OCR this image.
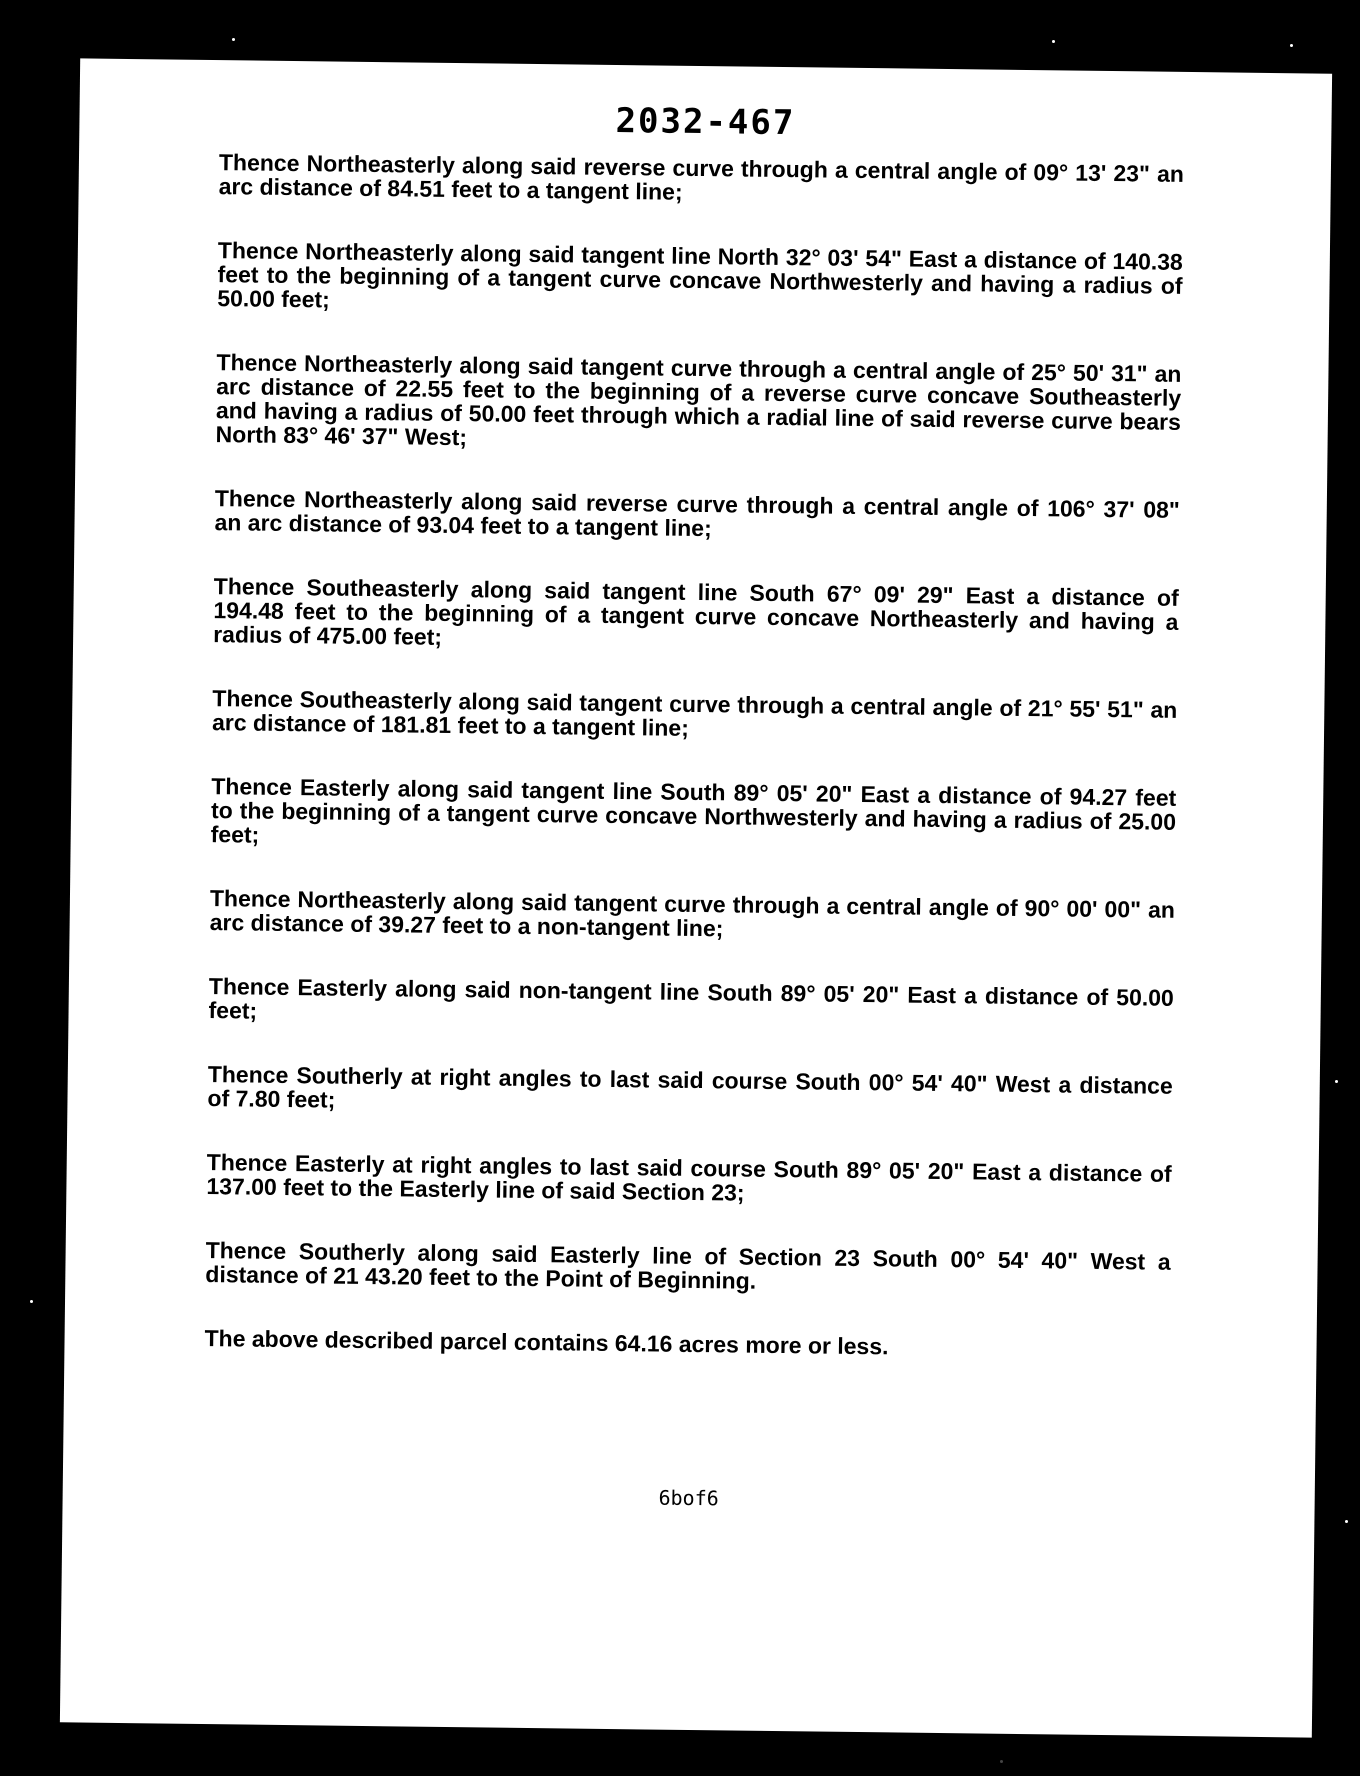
2032-467

Thence Northeasterly along said reverse curve through a central angle of 09° 13' 23" an arc distance of 84.51 feet to a tangent line;

Thence Northeasterly along said tangent line North 32° 03' 54" East a distance of 140.38 feet to the beginning of a tangent curve concave Northwesterly and having a radius of 50.00 feet;

Thence Northeasterly along said tangent curve through a central angle of 25° 50' 31" an arc distance of 22.55 feet to the beginning of a reverse curve concave Southeasterly and having a radius of 50.00 feet through which a radial line of said reverse curve bears North 83° 46' 37" West;

Thence Northeasterly along said reverse curve through a central angle of 106° 37' 08" an arc distance of 93.04 feet to a tangent line;

Thence Southeasterly along said tangent line South 67° 09' 29" East a distance of 194.48 feet to the beginning of a tangent curve concave Northeasterly and having a radius of 475.00 feet;

Thence Southeasterly along said tangent curve through a central angle of 21° 55' 51" an arc distance of 181.81 feet to a tangent line;

Thence Easterly along said tangent line South 89° 05' 20" East a distance of 94.27 feet to the beginning of a tangent curve concave Northwesterly and having a radius of 25.00 feet;

Thence Northeasterly along said tangent curve through a central angle of 90° 00' 00" an arc distance of 39.27 feet to a non-tangent line;

Thence Easterly along said non-tangent line South 89° 05' 20" East a distance of 50.00 feet;

Thence Southerly at right angles to last said course South 00° 54' 40" West a distance of 7.80 feet;

Thence Easterly at right angles to last said course South 89° 05' 20" East a distance of 137.00 feet to the Easterly line of said Section 23;

Thence Southerly along said Easterly line of Section 23 South 00° 54' 40" West a distance of 21 43.20 feet to the Point of Beginning.

The above described parcel contains 64.16 acres more or less.

6bof6
